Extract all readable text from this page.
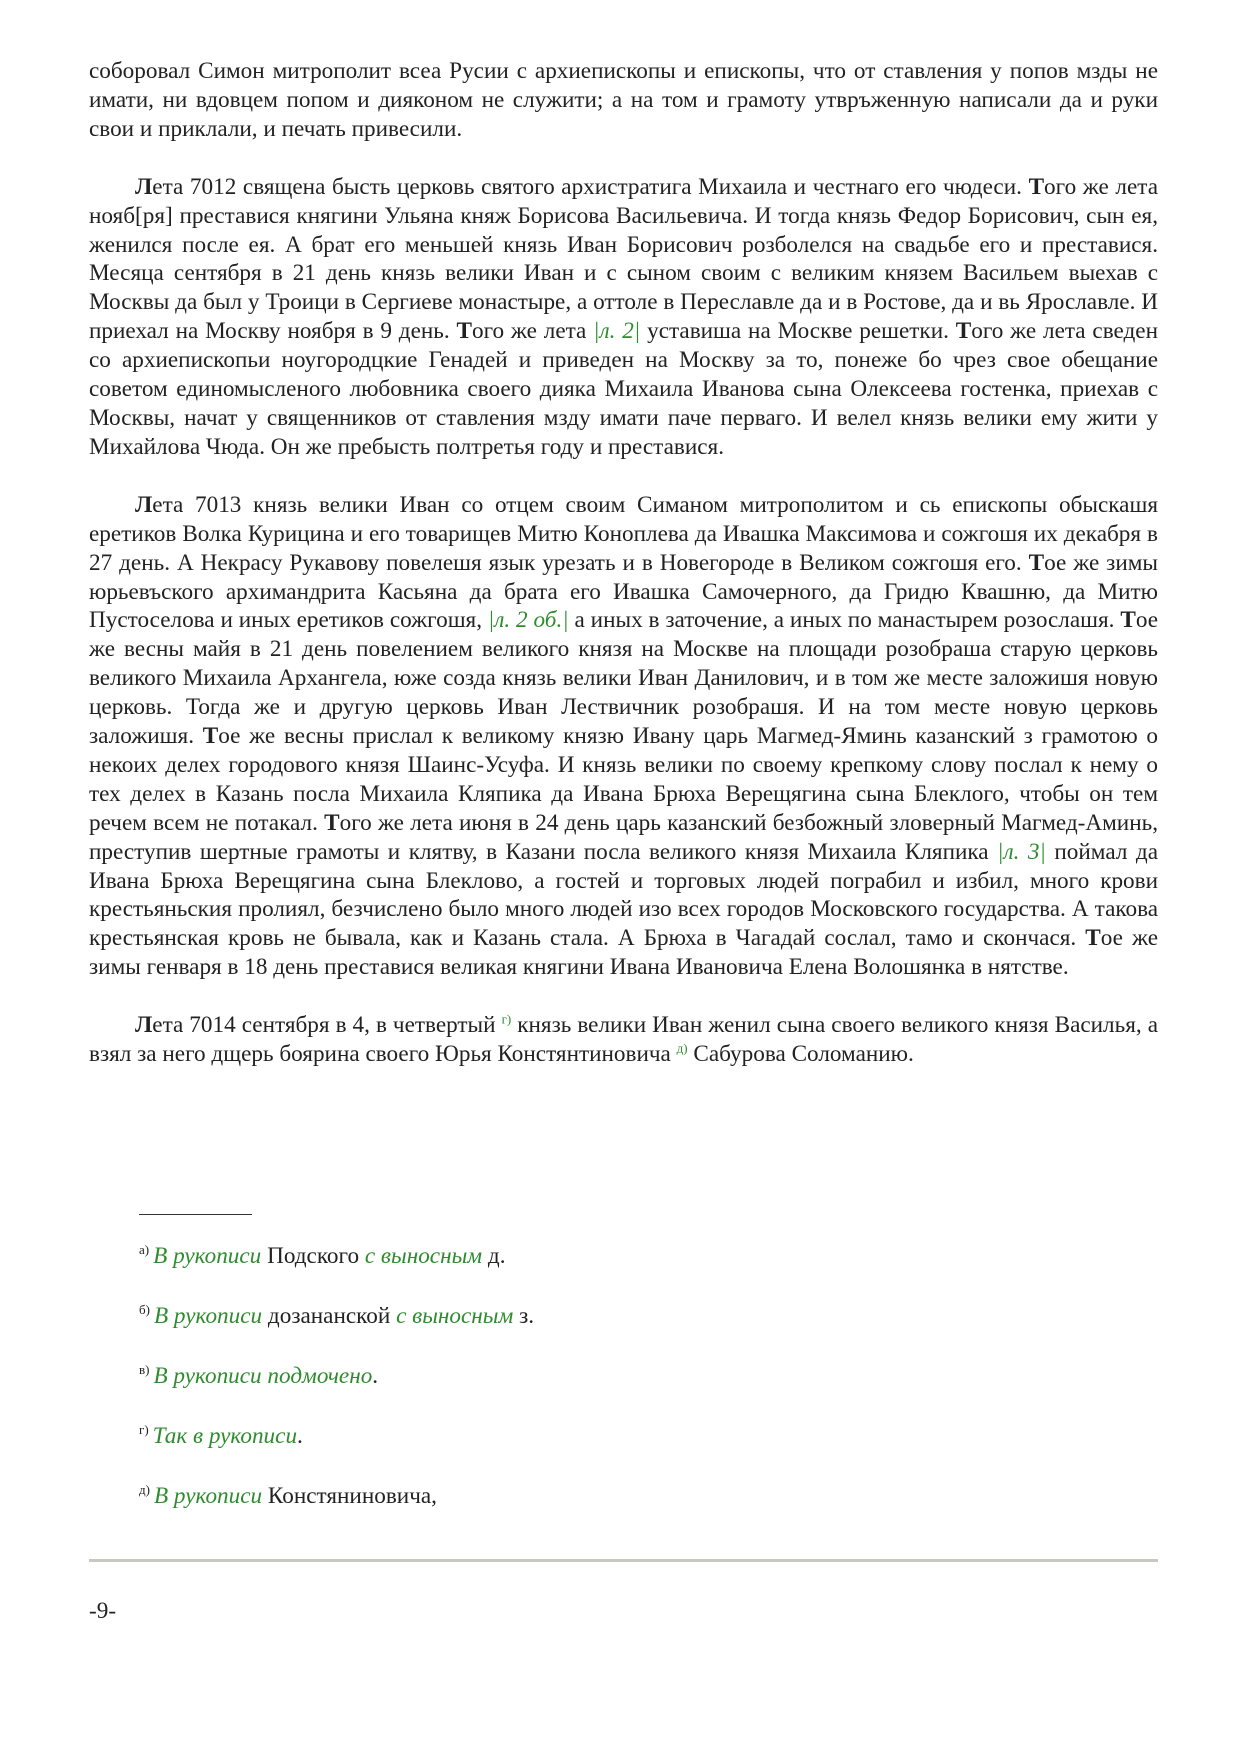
соборовал Симон митрополит всеа Русии с архиепископы и епископы, что от ставления у попов мзды не имати, ни вдовцем попом и дияконом не служити; а на том и грамоту утвръженную написали да и руки свои и приклали, и печать привесили.

Лета 7012 священа бысть церковь святого архистратига Михаила и честнаго его чюдеси. Того же лета нояб[ря] преставися княгини Ульяна княж Борисова Васильевича. И тогда князь Федор Борисович, сын ея, женился после ея. А брат его меньшей князь Иван Борисович розболелся на свадьбе его и преставися. Месяца сентября в 21 день князь велики Иван и с сыном своим с великим князем Васильем выехав с Москвы да был у Троици в Сергиеве монастыре, а оттоле в Переславле да и в Ростове, да и вь Ярославле. И приехал на Москву ноября в 9 день. Того же лета |л. 2| уставиша на Москве решетки. Того же лета сведен со архиепископьи ноугородцкие Генадей и приведен на Москву за то, понеже бо чрез свое обещание советом единомысленого любовника своего дияка Михаила Иванова сына Олексеева гостенка, приехав с Москвы, начат у священников от ставления мзду имати паче перваго. И велел князь велики ему жити у Михайлова Чюда. Он же пребысть полтретья году и преставися.

Лета 7013 князь велики Иван со отцем своим Симаном митрополитом и сь епископы обыскашя еретиков Волка Курицина и его товарищев Митю Коноплева да Ивашка Максимова и сожгошя их декабря в 27 день. А Некрасу Рукавову повелешя язык урезать и в Новегороде в Великом сожгошя его. Тое же зимы юрьевъского архимандрита Касьяна да брата его Ивашка Самочерного, да Гридю Квашню, да Митю Пустоселова и иных еретиков сожгошя, |л. 2 об.| а иных в заточение, а иных по манастырем розослашя. Тое же весны майя в 21 день повелением великого князя на Москве на площади розобраша старую церковь великого Михаила Архангела, юже созда князь велики Иван Данилович, и в том же месте заложишя новую церковь. Тогда же и другую церковь Иван Лествичник розобрашя. И на том месте новую церковь заложишя. Тое же весны прислал к великому князю Ивану царь Магмед-Яминь казанский з грамотою о некоих делех городового князя Шаинс-Усуфа. И князь велики по своему крепкому слову послал к нему о тех делех в Казань посла Михаила Кляпика да Ивана Брюха Верещягина сына Блеклого, чтобы он тем речем всем не потакал. Того же лета июня в 24 день царь казанский безбожный зловерный Магмед-Аминь, преступив шертные грамоты и клятву, в Казани посла великого князя Михаила Кляпика |л. 3| поймал да Ивана Брюха Верещягина сына Блеклово, а гостей и торговых людей пограбил и избил, много крови крестьяньския пролиял, безчислено было много людей изо всех городов Московского государства. А такова крестьянская кровь не бывала, как и Казань стала. А Брюха в Чагадай сослал, тамо и скончася. Тое же зимы генваря в 18 день преставися великая княгини Ивана Ивановича Елена Волошянка в нятстве.

Лета 7014 сентября в 4, в четвертый $^{г)}$ князь велики Иван женил сына своего великого князя Василья, а взял за него дщерь боярина своего Юрья Констянтиновича $^{д)}$ Сабурова Соломанию.

$^{а)}$ В рукописи Подского с выносным д.
$^{б)}$ В рукописи дозананской с выносным з.
$^{в)}$ В рукописи подмочено.
$^{г)}$ Так в рукописи.
$^{д)}$ В рукописи Констяниновича,
-9-
